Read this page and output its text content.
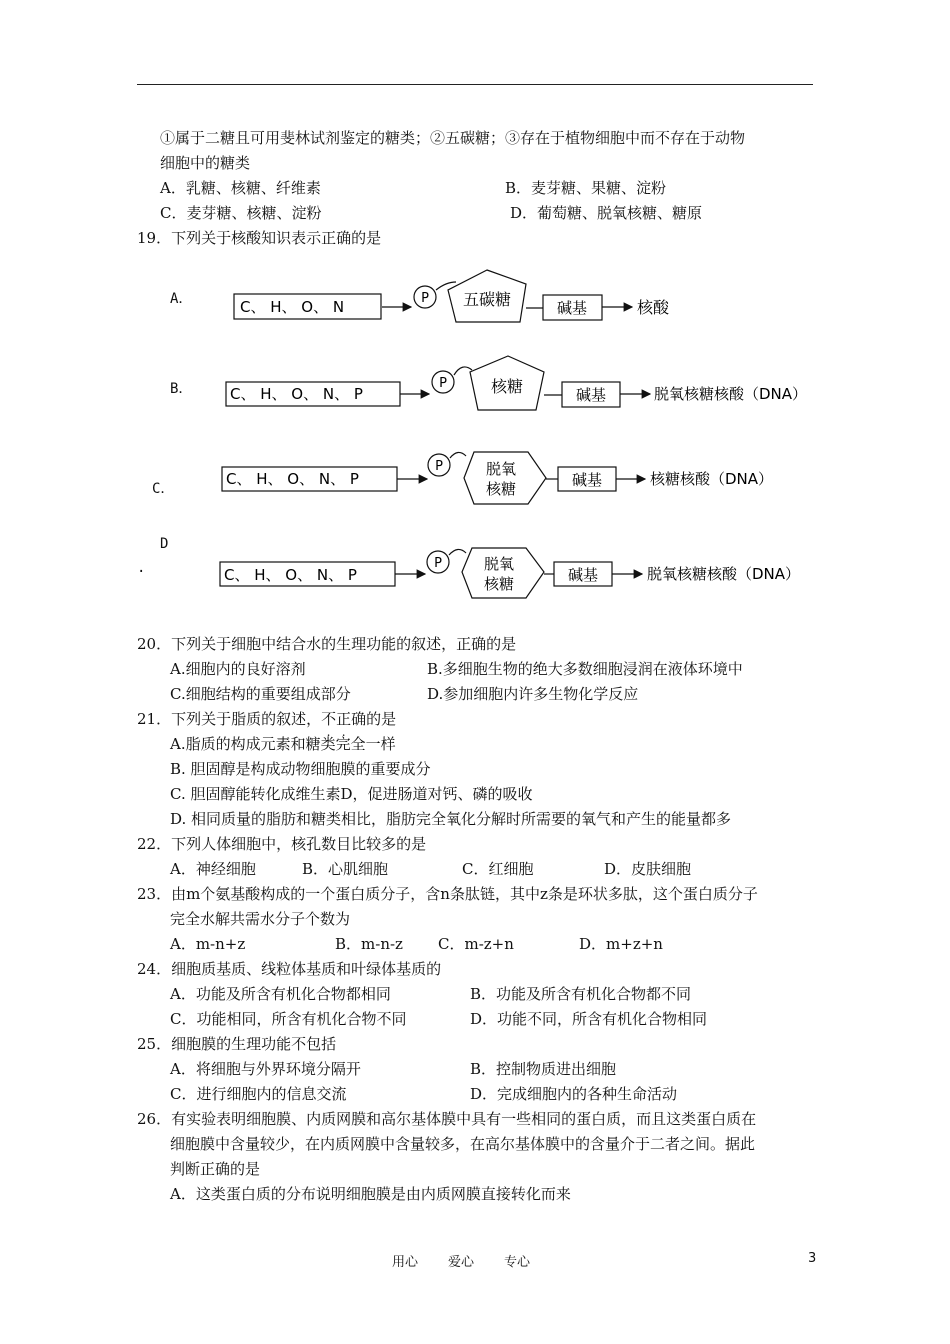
①属于二糖且可用斐林试剂鉴定的糖类；②五碳糖；③存在于植物细胞中而不存在于动物
细胞中的糖类
A．乳糖、核糖、纤维素	B．麦芽糖、果糖、淀粉
C．麦芽糖、核糖、淀粉	D．葡萄糖、脱氧核糖、糖原
19．下列关于核酸知识表示正确的是
A．
B．
C．
D
.
C、 H、 O、 N	P 五碳糖	碱基	核酸
C、 H、 O、 N、 P
P	核糖	碱基	脱氧核糖核酸（DNA）
C、 H、 O、 N、 P
P	脱氧
核糖	碱基	核糖核酸（DNA）
C、 H、 O、 N、 P
P	脱氧
核糖	碱基	脱氧核糖核酸（DNA）
20．下列关于细胞中结合水的生理功能的叙述，正确的是
A.细胞内的良好溶剂	B.多细胞生物的绝大多数细胞浸润在液体环境中
C.细胞结构的重要组成部分	D.参加细胞内许多生物化学反应
21．下列关于脂质的叙述，不正确的是
A.脂质的构成元素和糖类完全一样
B. 胆固醇是构成动物细胞膜的重要成分
C. 胆固醇能转化成维生素D，促进肠道对钙、磷的吸收
D. 相同质量的脂肪和糖类相比，脂肪完全氧化分解时所需要的氧气和产生的能量都多
22．下列人体细胞中，核孔数目比较多的是
A．神经细胞	B．心肌细胞	C．红细胞	D．皮肤细胞
23．由m个氨基酸构成的一个蛋白质分子，含n条肽链，其中z条是环状多肽，这个蛋白质分子
完全水解共需水分子个数为
A．m-n+z	B．m-n-z C．m-z+n	D．m+z+n
24．细胞质基质、线粒体基质和叶绿体基质的
A．功能及所含有机化合物都相同	B．功能及所含有机化合物都不同
C．功能相同，所含有机化合物不同	D．功能不同，所含有机化合物相同
25．细胞膜的生理功能不包括
A．将细胞与外界环境分隔开	B．控制物质进出细胞
C．进行细胞内的信息交流	D．完成细胞内的各种生命活动
26．有实验表明细胞膜、内质网膜和高尔基体膜中具有一些相同的蛋白质，而且这类蛋白质在
细胞膜中含量较少，在内质网膜中含量较多，在高尔基体膜中的含量介于二者之间。据此
判断正确的是
A．这类蛋白质的分布说明细胞膜是由内质网膜直接转化而来
用心 爱心 专心	3
